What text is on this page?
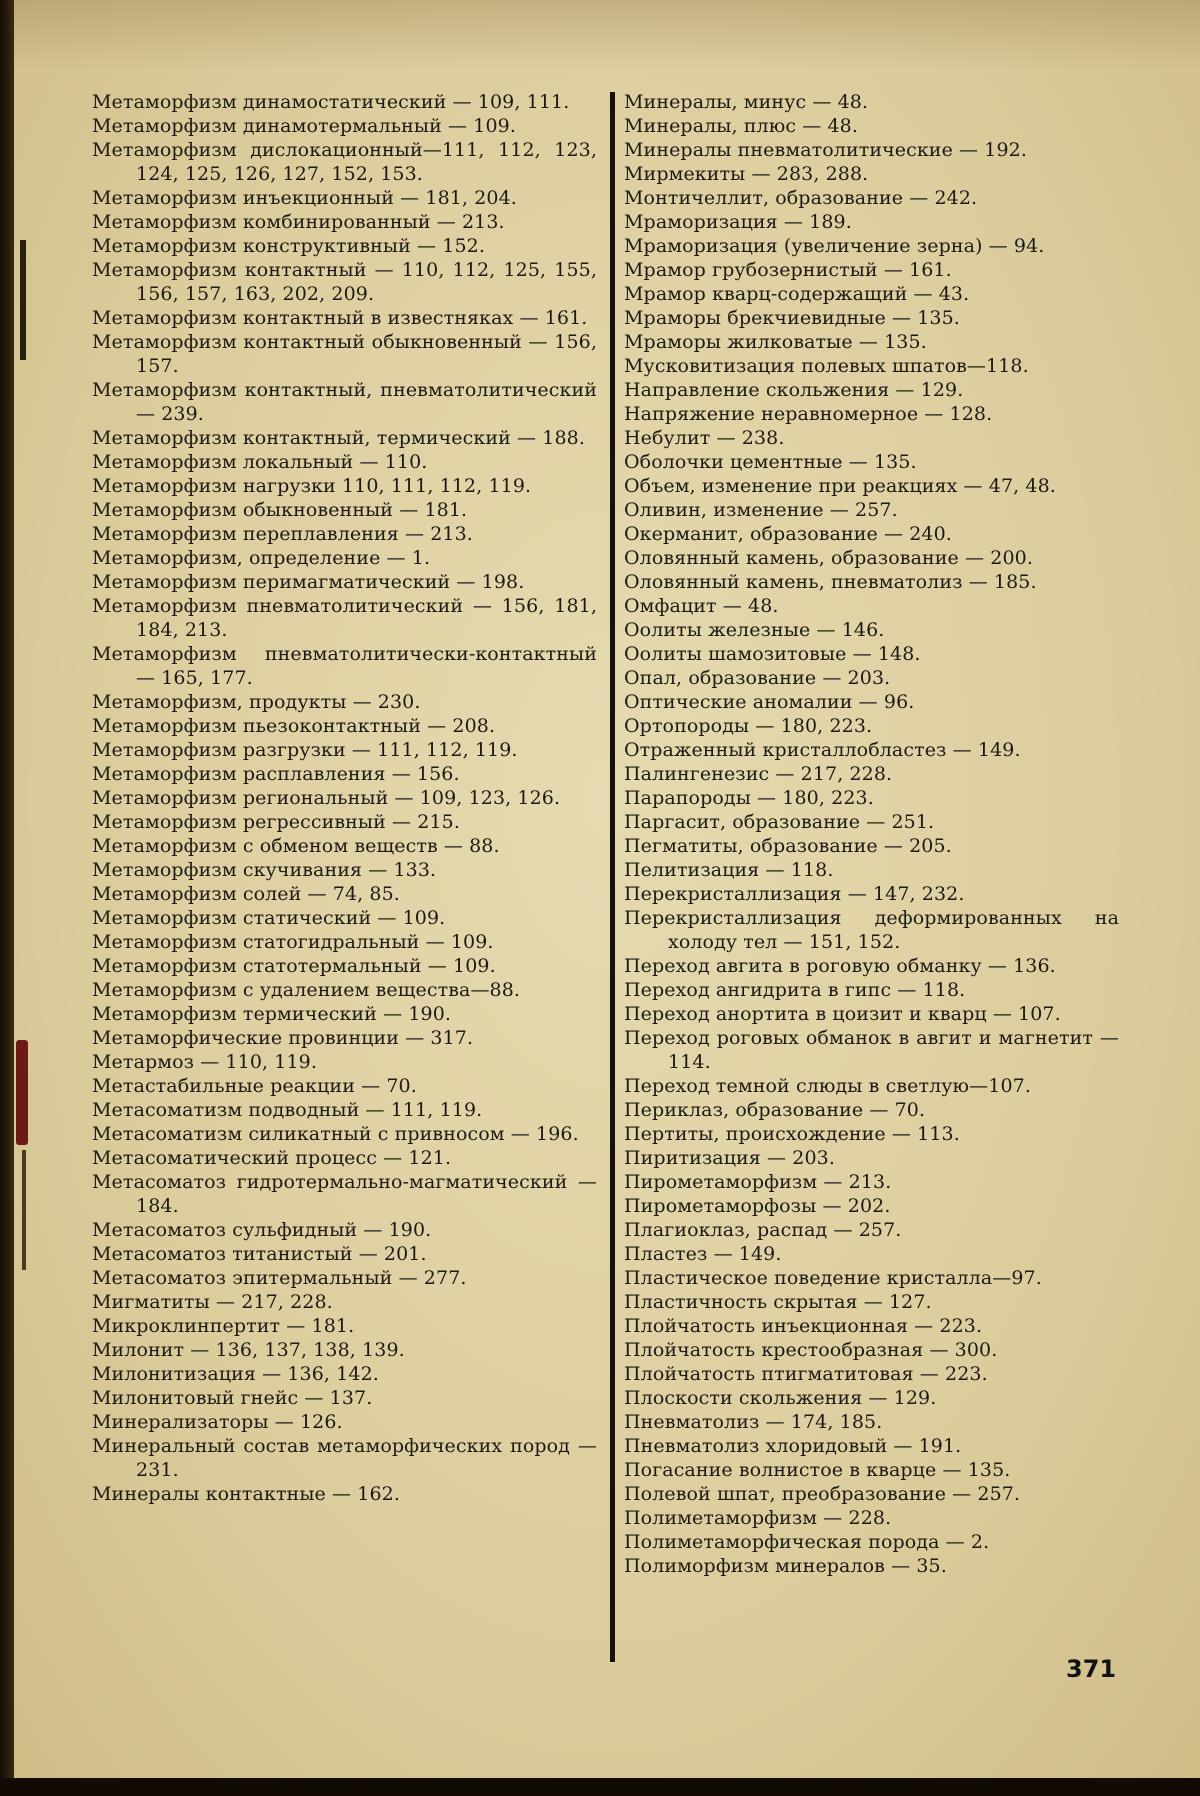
Метаморфизм динамостатический — 109, 111.

Метаморфизм динамотермальный — 109.

Метаморфизм дислокационный—111, 112, 123, 124, 125, 126, 127, 152, 153.

Метаморфизм инъекционный — 181, 204.

Метаморфизм комбинированный — 213.

Метаморфизм конструктивный — 152.

Метаморфизм контактный — 110, 112, 125, 155, 156, 157, 163, 202, 209.

Метаморфизм контактный в известняках — 161.

Метаморфизм контактный обыкновенный — 156, 157.

Метаморфизм контактный, пневматолитический — 239.

Метаморфизм контактный, термический — 188.

Метаморфизм локальный — 110.

Метаморфизм нагрузки 110, 111, 112, 119.

Метаморфизм обыкновенный — 181.

Метаморфизм переплавления — 213.

Метаморфизм, определение — 1.

Метаморфизм перимагматический — 198.

Метаморфизм пневматолитический — 156, 181, 184, 213.

Метаморфизм пневматолитически-контактный — 165, 177.

Метаморфизм, продукты — 230.

Метаморфизм пьезоконтактный — 208.

Метаморфизм разгрузки — 111, 112, 119.

Метаморфизм расплавления — 156.

Метаморфизм региональный — 109, 123, 126.

Метаморфизм регрессивный — 215.

Метаморфизм с обменом веществ — 88.

Метаморфизм скучивания — 133.

Метаморфизм солей — 74, 85.

Метаморфизм статический — 109.

Метаморфизм статогидральный — 109.

Метаморфизм статотермальный — 109.

Метаморфизм с удалением вещества—88.

Метаморфизм термический — 190.

Метаморфические провинции — 317.

Метармоз — 110, 119.

Метастабильные реакции — 70.

Метасоматизм подводный — 111, 119.

Метасоматизм силикатный с привносом — 196.

Метасоматический процесс — 121.

Метасоматоз гидротермально-магматический — 184.

Метасоматоз сульфидный — 190.

Метасоматоз титанистый — 201.

Метасоматоз эпитермальный — 277.

Мигматиты — 217, 228.

Микроклинпертит — 181.

Милонит — 136, 137, 138, 139.

Милонитизация — 136, 142.

Милонитовый гнейс — 137.

Минерализаторы — 126.

Минеральный состав метаморфических пород — 231.

Минералы контактные — 162.

Минералы, минус — 48.

Минералы, плюс — 48.

Минералы пневматолитические — 192.

Мирмекиты — 283, 288.

Монтичеллит, образование — 242.

Мраморизация — 189.

Мраморизация (увеличение зерна) — 94.

Мрамор грубозернистый — 161.

Мрамор кварц-содержащий — 43.

Мраморы брекчиевидные — 135.

Мраморы жилковатые — 135.

Мусковитизация полевых шпатов—118.

Направление скольжения — 129.

Напряжение неравномерное — 128.

Небулит — 238.

Оболочки цементные — 135.

Объем, изменение при реакциях — 47, 48.

Оливин, изменение — 257.

Окерманит, образование — 240.

Оловянный камень, образование — 200.

Оловянный камень, пневматолиз — 185.

Омфацит — 48.

Оолиты железные — 146.

Оолиты шамозитовые — 148.

Опал, образование — 203.

Оптические аномалии — 96.

Ортопороды — 180, 223.

Отраженный кристаллобластез — 149.

Палингенезис — 217, 228.

Парапороды — 180, 223.

Паргасит, образование — 251.

Пегматиты, образование — 205.

Пелитизация — 118.

Перекристаллизация — 147, 232.

Перекристаллизация деформированных на холоду тел — 151, 152.

Переход авгита в роговую обманку — 136.

Переход ангидрита в гипс — 118.

Переход анортита в цоизит и кварц — 107.

Переход роговых обманок в авгит и магнетит — 114.

Переход темной слюды в светлую—107.

Периклаз, образование — 70.

Пертиты, происхождение — 113.

Пиритизация — 203.

Пирометаморфизм — 213.

Пирометаморфозы — 202.

Плагиоклаз, распад — 257.

Пластез — 149.

Пластическое поведение кристалла—97.

Пластичность скрытая — 127.

Плойчатость инъекционная — 223.

Плойчатость крестообразная — 300.

Плойчатость птигматитовая — 223.

Плоскости скольжения — 129.

Пневматолиз — 174, 185.

Пневматолиз хлоридовый — 191.

Погасание волнистое в кварце — 135.

Полевой шпат, преобразование — 257.

Полиметаморфизм — 228.

Полиметаморфическая порода — 2.

Полиморфизм минералов — 35.

371
